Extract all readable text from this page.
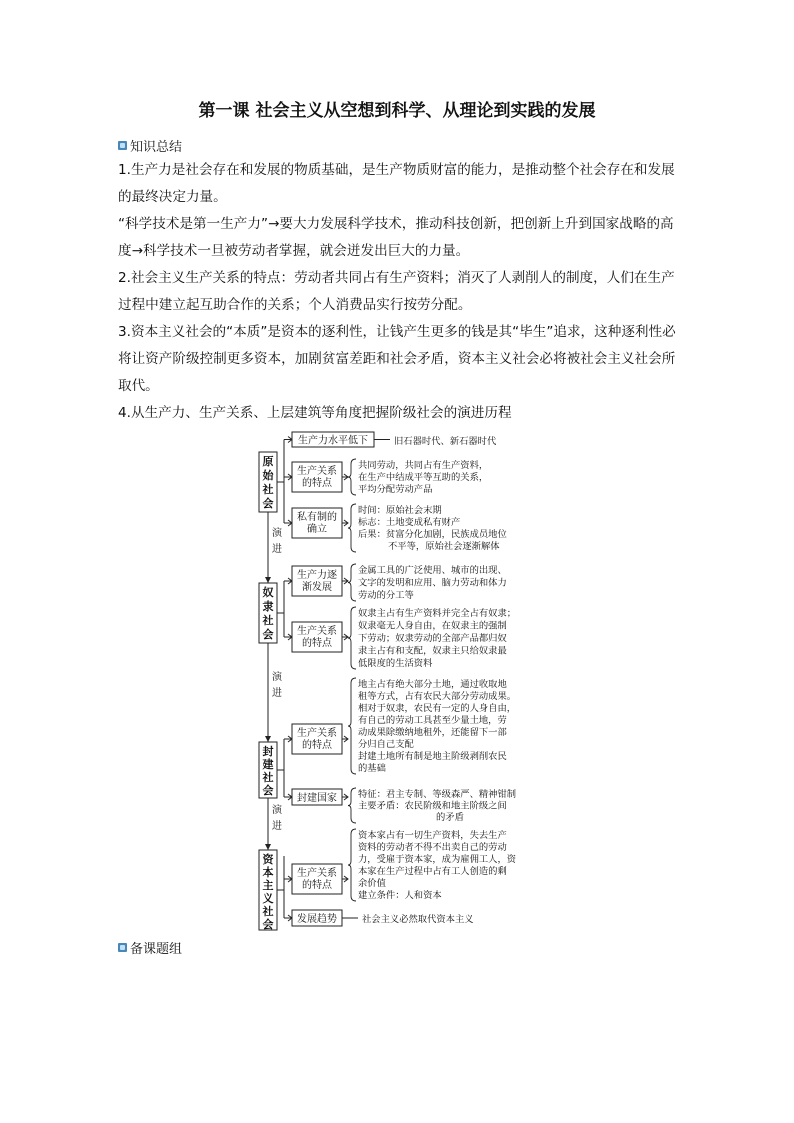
第一课 社会主义从空想到科学、从理论到实践的发展
知识总结
1.生产力是社会存在和发展的物质基础，是生产物质财富的能力，是推动整个社会存在和发展的最终决定力量。
“科学技术是第一生产力”→要大力发展科学技术，推动科技创新，把创新上升到国家战略的高度→科学技术一旦被劳动者掌握，就会迸发出巨大的力量。
2.社会主义生产关系的特点：劳动者共同占有生产资料；消灭了人剥削人的制度，人们在生产过程中建立起互助合作的关系；个人消费品实行按劳分配。
3.资本主义社会的“本质”是资本的逐利性，让钱产生更多的钱是其“毕生”追求，这种逐利性必将让资产阶级控制更多资本，加剧贫富差距和社会矛盾，资本主义社会必将被社会主义社会所取代。
4.从生产力、生产关系、上层建筑等角度把握阶级社会的演进历程
演
进
演
进
演
进
原
始
社
会
生产力水平低下	旧石器时代、新石器时代
生产关系
的特点
共同劳动，共同占有生产资料，
在生产中结成平等互助的关系，
平均分配劳动产品
私有制的
确立
时间：原始社会末期
标志：土地变成私有财产
后果：贫富分化加剧，民族成员地位
不平等，原始社会逐渐解体
奴
隶
社
会
生产力逐
渐发展
金属工具的广泛使用、城市的出现、
文字的发明和应用、脑力劳动和体力
劳动的分工等
生产关系
的特点
奴隶主占有生产资料并完全占有奴隶；
奴隶毫无人身自由，在奴隶主的强制
下劳动；奴隶劳动的全部产品都归奴
隶主占有和支配，奴隶主只给奴隶最
低限度的生活资料
封
建
社
会
生产关系
的特点
地主占有绝大部分土地，通过收取地
租等方式，占有农民大部分劳动成果。
相对于奴隶，农民有一定的人身自由，
有自己的劳动工具甚至少量土地，劳
动成果除缴纳地租外，还能留下一部
分归自己支配
封建土地所有制是地主阶级剥削农民
的基础
封建国家 特征：君主专制、等级森严、精神钳制
主要矛盾：农民阶级和地主阶级之间
的矛盾
资
本
主
义
社
会
生产关系
的特点
资本家占有一切生产资料，失去生产
资料的劳动者不得不出卖自己的劳动
力，受雇于资本家，成为雇佣工人，资
本家在生产过程中占有工人创造的剩
余价值
建立条件：人和资本
发展趋势	社会主义必然取代资本主义
备课题组
